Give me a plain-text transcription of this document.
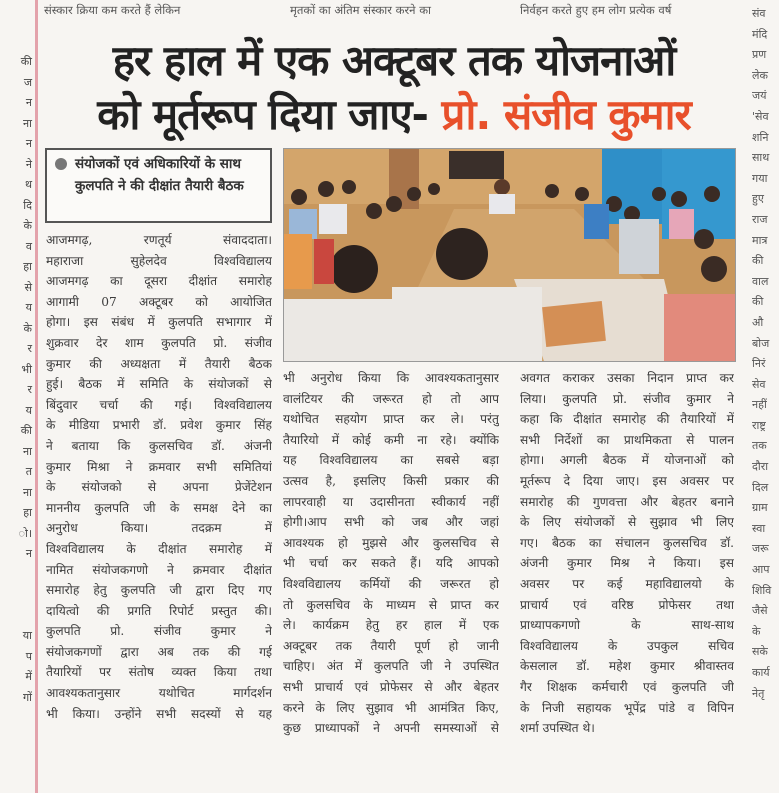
की
ज
न
ना
न
ने
थ
दि
के
व
हा
से
य
के
र
भी
र
य
की
ना
त
ना
हा
ो।
न
या
प
में
गों
संस्कार क्रिया कम करते हैं लेकिन	मृतकों का अंतिम संस्कार करने का	निर्वहन करते हुए हम लोग प्रत्येक वर्ष	संव
मंदि
प्रण
लेक
जयं
'सेव
शनि
साथ
गया
हुए
राज
मात्र
की
वाल
की
औ
बोज
निरं
सेव
नहीं
राष्ट्र
तक
दौरा
दिल
ग्राम
स्वा
जरू
आप
शिवि
जैसे
के
सके
कार्य
नेतृ
हर हाल में एक अक्टूबर तक योजनाओं
को मूर्तरूप दिया जाए- प्रो. संजीव कुमार
संयोजकों एवं अधिकारियों के साथ कुलपति ने की दीक्षांत तैयारी बैठक
आजमगढ़, रणतूर्य संवाददाता।
महाराजा सुहेलदेव विश्वविद्यालय
आजमगढ़ का दूसरा दीक्षांत समारोह
आगामी 07 अक्टूबर को आयोजित
होगा। इस संबंध में कुलपति सभागार में
शुक्रवार देर शाम कुलपति प्रो. संजीव
कुमार की अध्यक्षता में तैयारी बैठक
हुई। बैठक में समिति के संयोजकों से
बिंदुवार चर्चा की गई। विश्वविद्यालय
के मीडिया प्रभारी डॉ. प्रवेश कुमार सिंह
ने बताया कि कुलसचिव डॉ. अंजनी
कुमार मिश्रा ने क्रमवार सभी समितियां
के संयोजको से अपना प्रेजेंटेशन
माननीय कुलपति जी के समक्ष देने का
अनुरोध किया। तदक्रम में
विश्वविद्यालय के दीक्षांत समारोह में
नामित संयोजकगणो ने क्रमवार दीक्षांत
समारोह हेतु कुलपति जी द्वारा दिए गए
दायित्वो की प्रगति रिपोर्ट प्रस्तुत की।
कुलपति प्रो. संजीव कुमार ने
संयोजकगणों द्वारा अब तक की गई
तैयारियों पर संतोष व्यक्त किया तथा
आवश्यकतानुसार यथोचित मार्गदर्शन
भी किया। उन्होंने सभी सदस्यों से यह
भी अनुरोध किया कि आवश्यकतानुसार
वालंटियर की जरूरत हो तो आप
यथोचित सहयोग प्राप्त कर ले। परंतु
तैयारियो में कोई कमी ना रहे। क्योंकि
यह विश्वविद्यालय का सबसे बड़ा
उत्सव है, इसलिए किसी प्रकार की
लापरवाही या उदासीनता स्वीकार्य नहीं
होगी।आप सभी को जब और जहां
आवश्यक हो मुझसे और कुलसचिव से
भी चर्चा कर सकते हैं। यदि आपको
विश्वविद्यालय कर्मियों की जरूरत हो
तो कुलसचिव के माध्यम से प्राप्त कर
ले। कार्यक्रम हेतु हर हाल में एक
अक्टूबर तक तैयारी पूर्ण हो जानी
चाहिए। अंत में कुलपति जी ने उपस्थित
सभी प्राचार्य एवं प्रोफेसर से और बेहतर
करने के लिए सुझाव भी आमंत्रित किए,
कुछ प्राध्यापकों ने अपनी समस्याओं से
अवगत कराकर उसका निदान प्राप्त कर
लिया। कुलपति प्रो. संजीव कुमार ने
कहा कि दीक्षांत समारोह की तैयारियों में
सभी निर्देशों का प्राथमिकता से पालन
होगा। अगली बैठक में योजनाओं को
मूर्तरूप दे दिया जाए। इस अवसर पर
समारोह की गुणवत्ता और बेहतर बनाने
के लिए संयोजकों से सुझाव भी लिए
गए। बैठक का संचालन कुलसचिव डॉ.
अंजनी कुमार मिश्र ने किया। इस
अवसर पर कई महाविद्यालयो के
प्राचार्य एवं वरिष्ठ प्रोफेसर तथा
प्राध्यापकगणो के साथ-साथ
विश्वविद्यालय के उपकुल सचिव
केसलाल डॉ. महेश कुमार श्रीवास्तव
गैर शिक्षक कर्मचारी एवं कुलपति जी
के निजी सहायक भूपेंद्र पांडे व विपिन
शर्मा उपस्थित थे।
